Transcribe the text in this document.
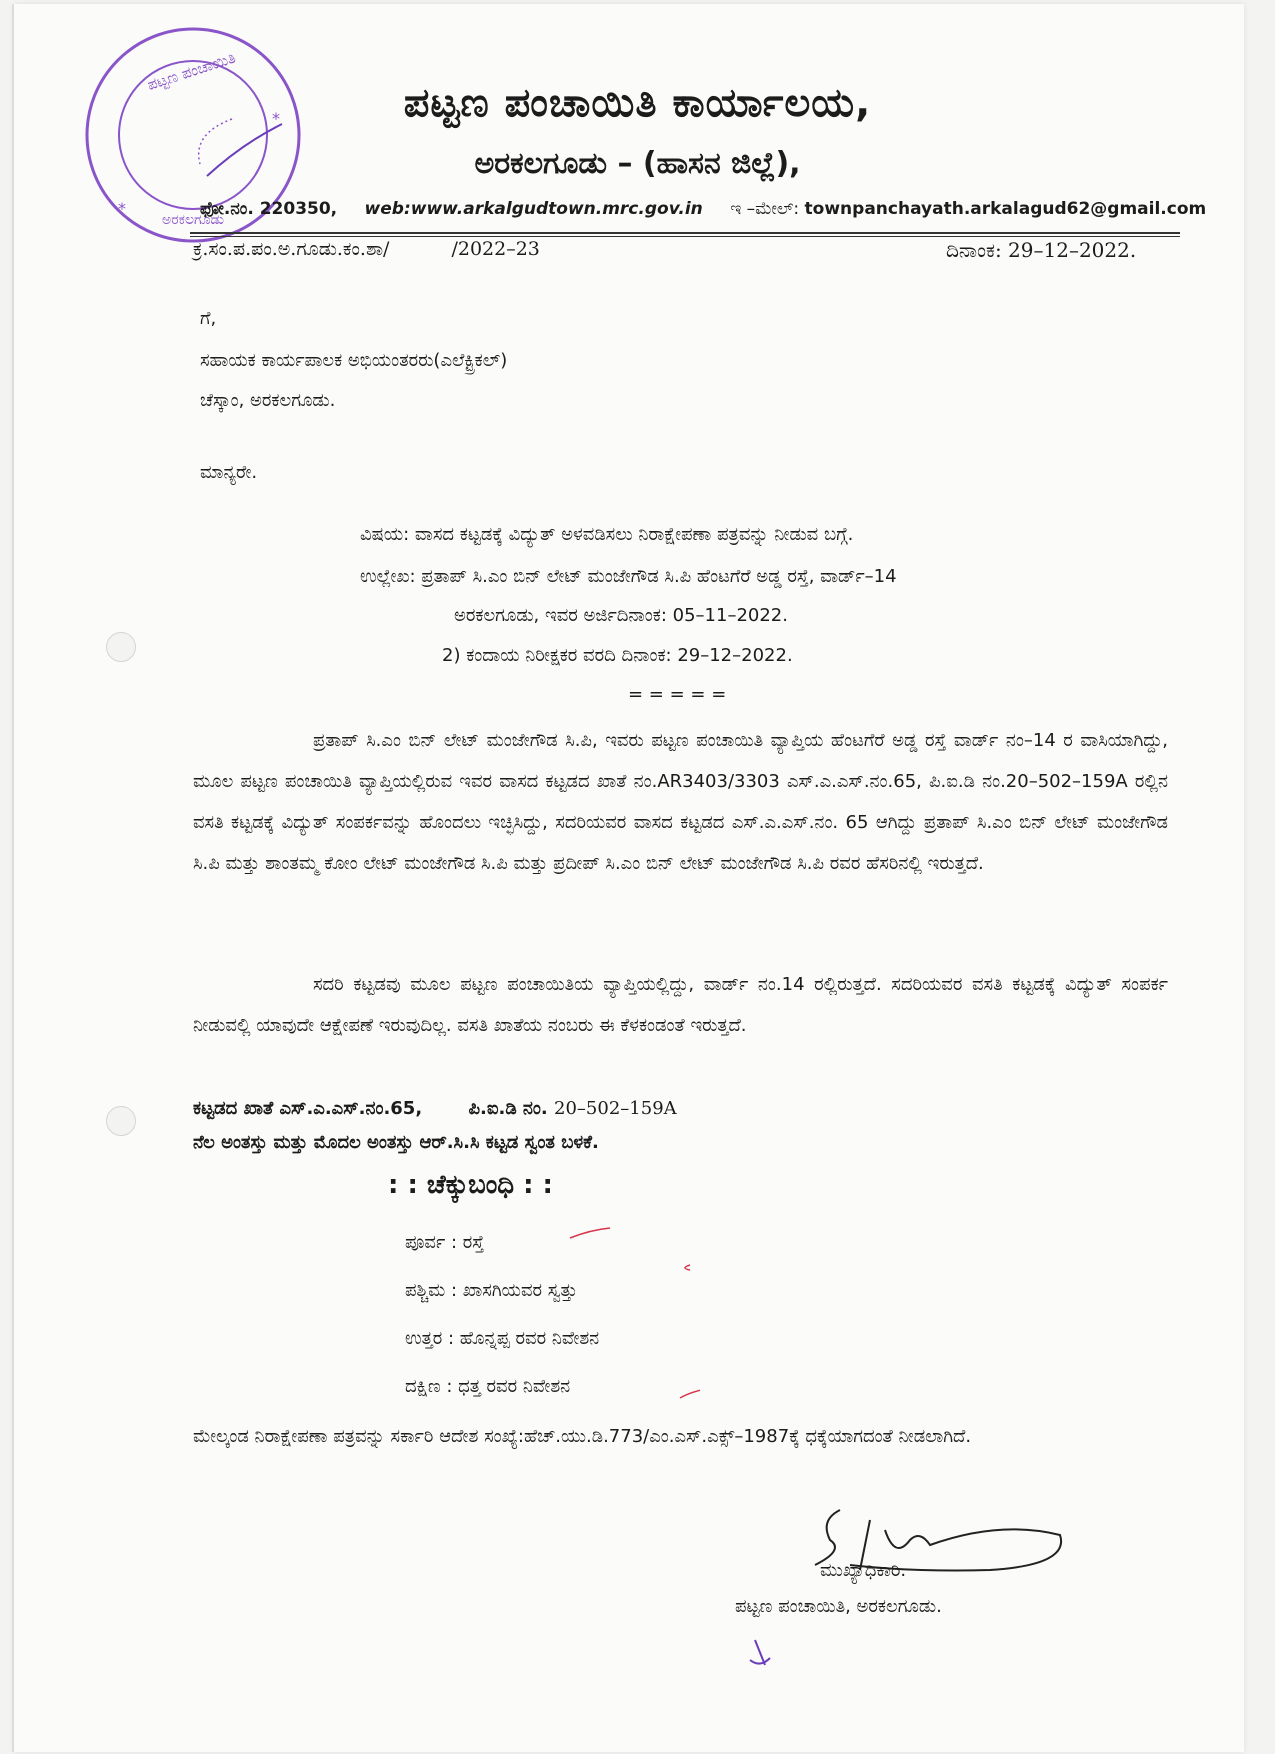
ಪಟ್ಟಣ ಪಂಚಾಯಿತಿ
ಅರಕಲಗೂಡು
*
*
ಪಟ್ಟಣ ಪಂಚಾಯಿತಿ ಕಾರ್ಯಾಲಯ,
ಅರಕಲಗೂಡು – (ಹಾಸನ ಜಿಲ್ಲೆ),
ಫೋ.ನಂ. 220350, web:www.arkalgudtown.mrc.gov.in ಇ –ಮೇಲ್: townpanchayath.arkalagud62@gmail.com
ಕ್ರ.ಸಂ.ಪ.ಪಂ.ಅ.ಗೂಡು.ಕಂ.ಶಾ/	/2022–23	ದಿನಾಂಕ: 29–12–2022.
ಗೆ,
ಸಹಾಯಕ ಕಾರ್ಯಪಾಲಕ ಅಭಿಯಂತರರು(ಎಲೆಕ್ಟ್ರಿಕಲ್)
ಚೆಸ್ಕಾಂ, ಅರಕಲಗೂಡು.
ಮಾನ್ಯರೇ.
ವಿಷಯ: ವಾಸದ ಕಟ್ಟಡಕ್ಕೆ ವಿದ್ಯುತ್ ಅಳವಡಿಸಲು ನಿರಾಕ್ಷೇಪಣಾ ಪತ್ರವನ್ನು ನೀಡುವ ಬಗ್ಗೆ.
ಉಲ್ಲೇಖ: ಪ್ರತಾಪ್ ಸಿ.ಎಂ ಬಿನ್ ಲೇಟ್ ಮಂಜೇಗೌಡ ಸಿ.ಪಿ ಹೆಂಟಗೆರೆ ಅಡ್ಡ ರಸ್ತೆ, ವಾರ್ಡ್–14
ಅರಕಲಗೂಡು, ಇವರ ಅರ್ಜಿದಿನಾಂಕ: 05–11–2022.
2) ಕಂದಾಯ ನಿರೀಕ್ಷಕರ ವರದಿ ದಿನಾಂಕ: 29–12–2022.
= = = = =
ಪ್ರತಾಪ್ ಸಿ.ಎಂ ಬಿನ್ ಲೇಟ್ ಮಂಜೇಗೌಡ ಸಿ.ಪಿ, ಇವರು ಪಟ್ಟಣ ಪಂಚಾಯಿತಿ ವ್ಯಾಪ್ತಿಯ ಹೆಂಟಗೆರೆ ಅಡ್ಡ ರಸ್ತೆ ವಾರ್ಡ್ ನಂ–14 ರ ವಾಸಿಯಾಗಿದ್ದು, ಮೂಲ ಪಟ್ಟಣ ಪಂಚಾಯಿತಿ ವ್ಯಾಪ್ತಿಯಲ್ಲಿರುವ ಇವರ ವಾಸದ ಕಟ್ಟಡದ ಖಾತೆ ನಂ.AR3403/3303 ಎಸ್.ಎ.ಎಸ್.ನಂ.65, ಪಿ.ಐ.ಡಿ ನಂ.20–502–159A ರಲ್ಲಿನ ವಸತಿ ಕಟ್ಟಡಕ್ಕೆ ವಿದ್ಯುತ್ ಸಂಪರ್ಕವನ್ನು ಹೊಂದಲು ಇಚ್ಛಿಸಿದ್ದು, ಸದರಿಯವರ ವಾಸದ ಕಟ್ಟಡದ ಎಸ್.ಎ.ಎಸ್.ನಂ. 65 ಆಗಿದ್ದು ಪ್ರತಾಪ್ ಸಿ.ಎಂ ಬಿನ್ ಲೇಟ್ ಮಂಜೇಗೌಡ ಸಿ.ಪಿ ಮತ್ತು ಶಾಂತಮ್ಮ ಕೋಂ ಲೇಟ್ ಮಂಜೇಗೌಡ ಸಿ.ಪಿ ಮತ್ತು ಪ್ರದೀಪ್ ಸಿ.ಎಂ ಬಿನ್ ಲೇಟ್ ಮಂಜೇಗೌಡ ಸಿ.ಪಿ ರವರ ಹೆಸರಿನಲ್ಲಿ ಇರುತ್ತದೆ.
ಸದರಿ ಕಟ್ಟಡವು ಮೂಲ ಪಟ್ಟಣ ಪಂಚಾಯಿತಿಯ ವ್ಯಾಪ್ತಿಯಲ್ಲಿದ್ದು, ವಾರ್ಡ್ ನಂ.14 ರಲ್ಲಿರುತ್ತದೆ. ಸದರಿಯವರ ವಸತಿ ಕಟ್ಟಡಕ್ಕೆ ವಿದ್ಯುತ್ ಸಂಪರ್ಕ ನೀಡುವಲ್ಲಿ ಯಾವುದೇ ಆಕ್ಷೇಪಣೆ ಇರುವುದಿಲ್ಲ. ವಸತಿ ಖಾತೆಯ ನಂಬರು ಈ ಕೆಳಕಂಡಂತೆ ಇರುತ್ತದೆ.
ಕಟ್ಟಡದ ಖಾತೆ ಎಸ್.ಎ.ಎಸ್.ನಂ.65,	ಪಿ.ಐ.ಡಿ ನಂ. 20–502–159A
ನೆಲ ಅಂತಸ್ತು ಮತ್ತು ಮೊದಲ ಅಂತಸ್ತು ಆರ್.ಸಿ.ಸಿ ಕಟ್ಟಡ ಸ್ವಂತ ಬಳಕೆ.
: : ಚೆಕ್ಕುಬಂಧಿ : :
ಪೂರ್ವ : ರಸ್ತೆ
ಪಶ್ಚಿಮ : ಖಾಸಗಿಯವರ ಸ್ವತ್ತು
ಉತ್ತರ : ಹೊನ್ನಪ್ಪ ರವರ ನಿವೇಶನ
ದಕ್ಷಿಣ : ಧತ್ತ ರವರ ನಿವೇಶನ
ಮೇಲ್ಕಂಡ ನಿರಾಕ್ಷೇಪಣಾ ಪತ್ರವನ್ನು ಸರ್ಕಾರಿ ಆದೇಶ ಸಂಖ್ಯೆ:ಹೆಚ್.ಯು.ಡಿ.773/ಎಂ.ಎಸ್.ಎಕ್ಸ್–1987ಕ್ಕೆ ಧಕ್ಕೆಯಾಗದಂತೆ ನೀಡಲಾಗಿದೆ.
ಮುಖ್ಯಾಧಿಕಾರಿ.
ಪಟ್ಟಣ ಪಂಚಾಯಿತಿ, ಅರಕಲಗೂಡು.
